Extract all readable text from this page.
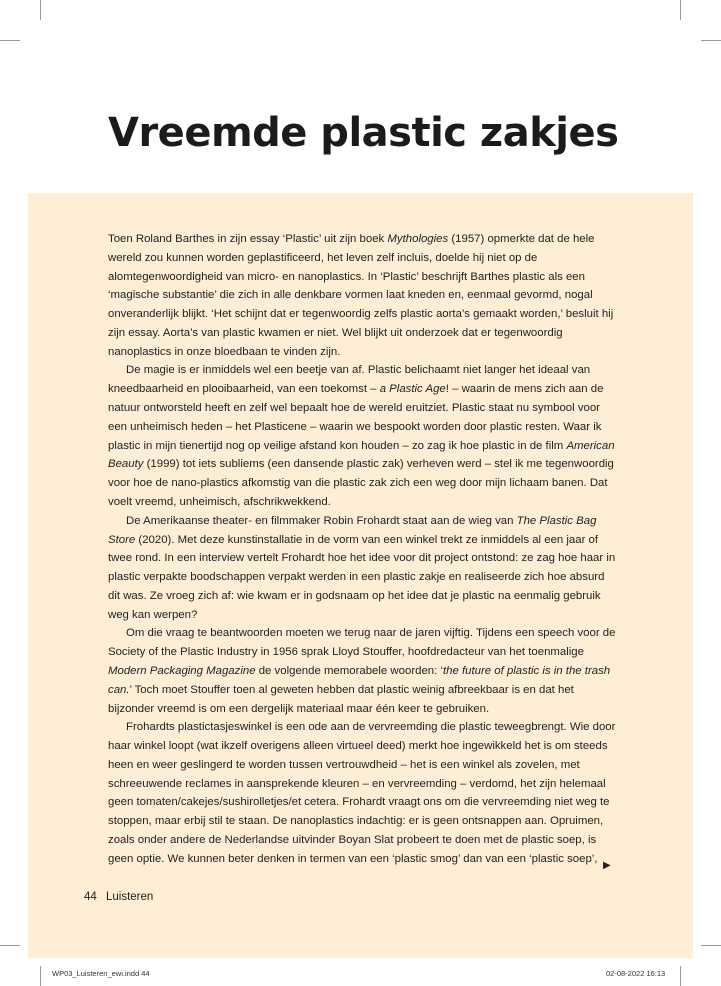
Vreemde plastic zakjes

Toen Roland Barthes in zijn essay ‘Plastic’ uit zijn boek Mythologies (1957) opmerkte dat de hele wereld zou kunnen worden geplastificeerd, het leven zelf incluis, doelde hij niet op de alomtegenwoordigheid van micro- en nanoplastics. In ‘Plastic’ beschrijft Barthes plastic als een ‘magische substantie’ die zich in alle denkbare vormen laat kneden en, eenmaal gevormd, nogal onveranderlijk blijkt. ‘Het schijnt dat er tegenwoordig zelfs plastic aorta’s gemaakt worden,’ besluit hij zijn essay. Aorta’s van plastic kwamen er niet. Wel blijkt uit onderzoek dat er tegenwoordig nanoplastics in onze bloedbaan te vinden zijn.

De magie is er inmiddels wel een beetje van af. Plastic belichaamt niet langer het ideaal van kneedbaarheid en plooibaarheid, van een toekomst – a Plastic Age! – waarin de mens zich aan de natuur ontworsteld heeft en zelf wel bepaalt hoe de wereld eruitziet. Plastic staat nu symbool voor een unheimisch heden – het Plasticene – waarin we bespookt worden door plastic resten. Waar ik plastic in mijn tienertijd nog op veilige afstand kon houden – zo zag ik hoe plastic in de film American Beauty (1999) tot iets subliems (een dansende plastic zak) verheven werd – stel ik me tegenwoordig voor hoe de nano-plastics afkomstig van die plastic zak zich een weg door mijn lichaam banen. Dat voelt vreemd, unheimisch, afschrikwekkend.

De Amerikaanse theater- en filmmaker Robin Frohardt staat aan de wieg van The Plastic Bag Store (2020). Met deze kunstinstallatie in de vorm van een winkel trekt ze inmiddels al een jaar of twee rond. In een interview vertelt Frohardt hoe het idee voor dit project ontstond: ze zag hoe haar in plastic verpakte boodschappen verpakt werden in een plastic zakje en realiseerde zich hoe absurd dit was. Ze vroeg zich af: wie kwam er in godsnaam op het idee dat je plastic na eenmalig gebruik weg kan werpen?

Om die vraag te beantwoorden moeten we terug naar de jaren vijftig. Tijdens een speech voor de Society of the Plastic Industry in 1956 sprak Lloyd Stouffer, hoofdredacteur van het toenmalige Modern Packaging Magazine de volgende memorabele woorden: ‘the future of plastic is in the trash can.’ Toch moet Stouffer toen al geweten hebben dat plastic weinig afbreekbaar is en dat het bijzonder vreemd is om een dergelijk materiaal maar één keer te gebruiken.

Frohardts plastictasjeswinkel is een ode aan de vervreemding die plastic teweegbrengt. Wie door haar winkel loopt (wat ikzelf overigens alleen virtueel deed) merkt hoe ingewikkeld het is om steeds heen en weer geslingerd te worden tussen vertrouwdheid – het is een winkel als zovelen, met schreeuwende reclames in aansprekende kleuren – en vervreemding – verdomd, het zijn helemaal geen tomaten/cakejes/sushirolletjes/et cetera. Frohardt vraagt ons om die vervreemding niet weg te stoppen, maar erbij stil te staan. De nanoplastics indachtig: er is geen ontsnappen aan. Opruimen, zoals onder andere de Nederlandse uitvinder Boyan Slat probeert te doen met de plastic soep, is geen optie. We kunnen beter denken in termen van een ‘plastic smog’ dan van een ‘plastic soep’,

▶
44 Luisteren
WP03_Luisteren_ewi.indd 44	02-08-2022 16:13
